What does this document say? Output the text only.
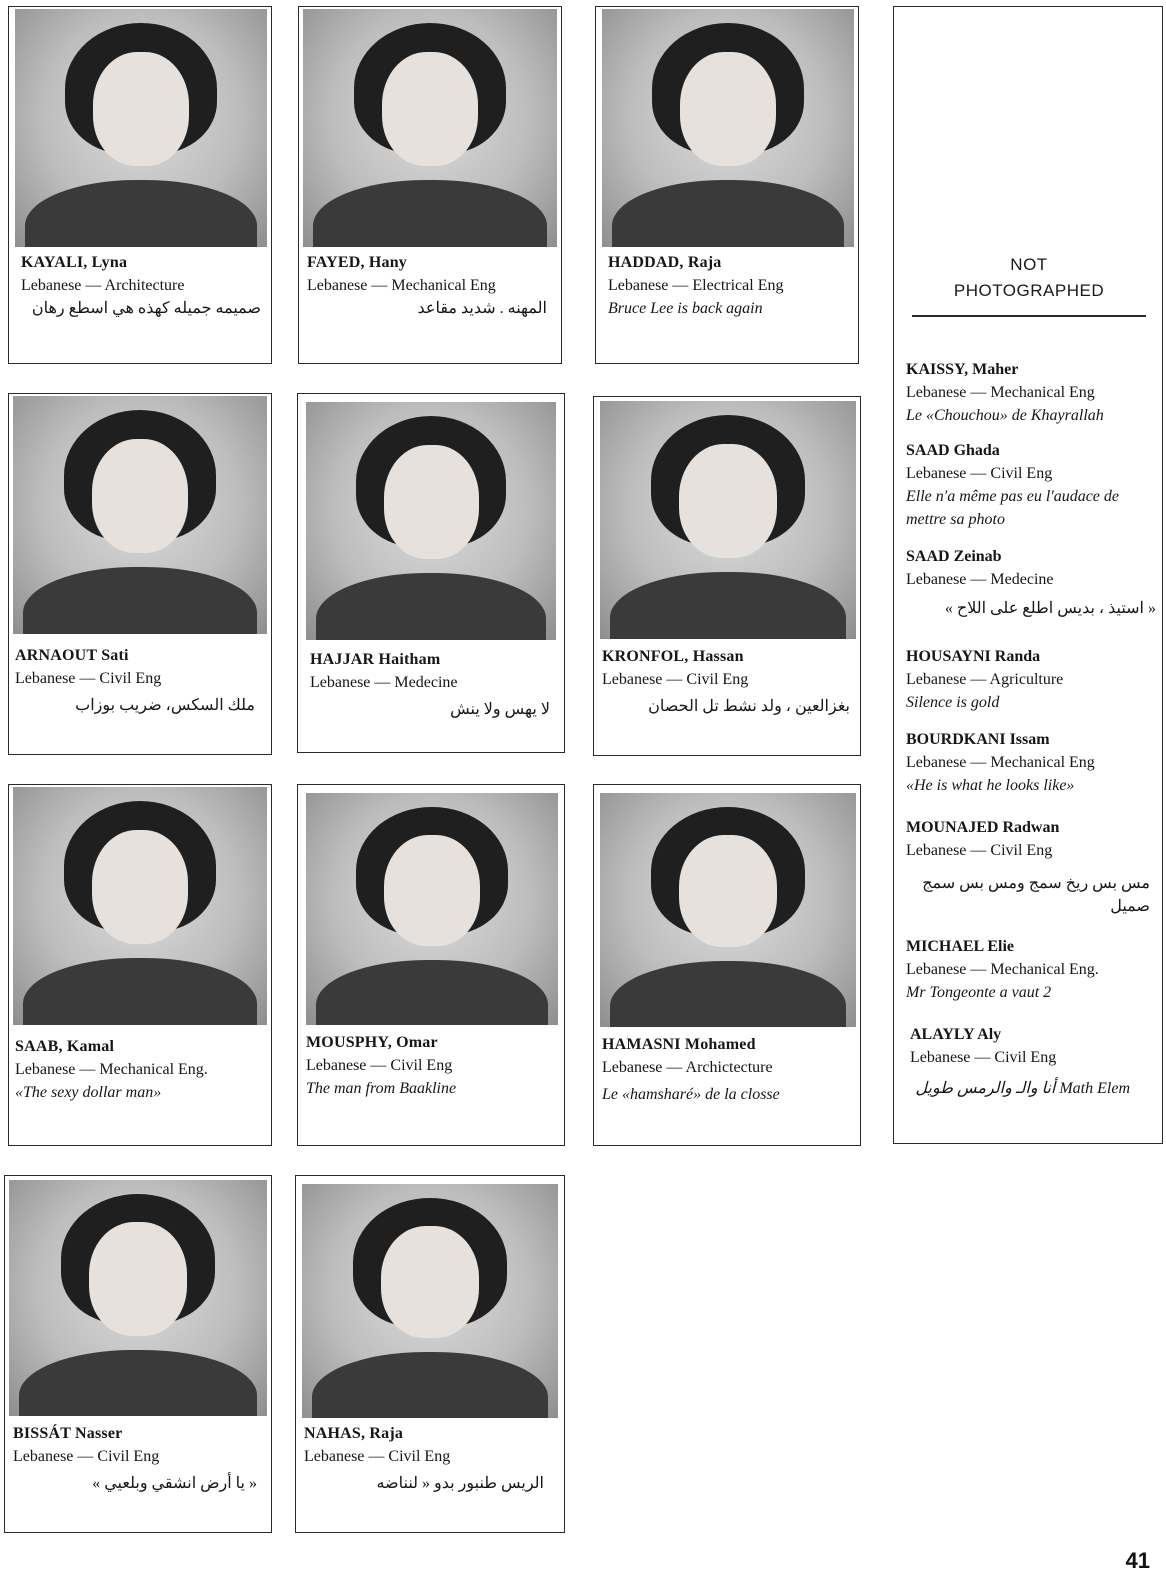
KAYALI, Lyna
Lebanese — Architecture
صميمه جميله كهذه هي اسطع رهان
FAYED, Hany
Lebanese — Mechanical Eng
المهنه . شديد مقاعد
HADDAD, Raja
Lebanese — Electrical Eng
Bruce Lee is back again
ARNAOUT Sati
Lebanese — Civil Eng
ملك السكس، ضريب بوزاب
HAJJAR Haitham
Lebanese — Medecine
لا يهس ولا ينش
KRONFOL, Hassan
Lebanese — Civil Eng
بغزالعين ، ولد نشط تل الحصان
SAAB, Kamal
Lebanese — Mechanical Eng.
«The sexy dollar man»
MOUSPHY, Omar
Lebanese — Civil Eng
The man from Baakline
HAMASNI Mohamed
Lebanese — Archictecture
Le «hamsharé» de la closse
BISSÁT Nasser
Lebanese — Civil Eng
« يا أرض انشقي وبلعيي »
NAHAS, Raja
Lebanese — Civil Eng
الريس طنبور بدو « لنناضه
NOT
PHOTOGRAPHED
KAISSY, Maher
Lebanese — Mechanical Eng
Le «Chouchou» de Khayrallah
SAAD Ghada
Lebanese — Civil Eng
Elle n'a même pas eu l'audace de mettre sa photo
SAAD Zeinab
Lebanese — Medecine
« استيذ ، بديس اطلع على اللاح »
HOUSAYNI Randa
Lebanese — Agriculture
Silence is gold
BOURDKANI Issam
Lebanese — Mechanical Eng
«He is what he looks like»
MOUNAJED Radwan
Lebanese — Civil Eng
مس بس ريخ سمج ومس بس سمج صميل
MICHAEL Elie
Lebanese — Mechanical Eng.
Mr Tongeonte a vaut 2
ALAYLY Aly
Lebanese — Civil Eng
Math Elem أنا والـ والرمس طويل
41
